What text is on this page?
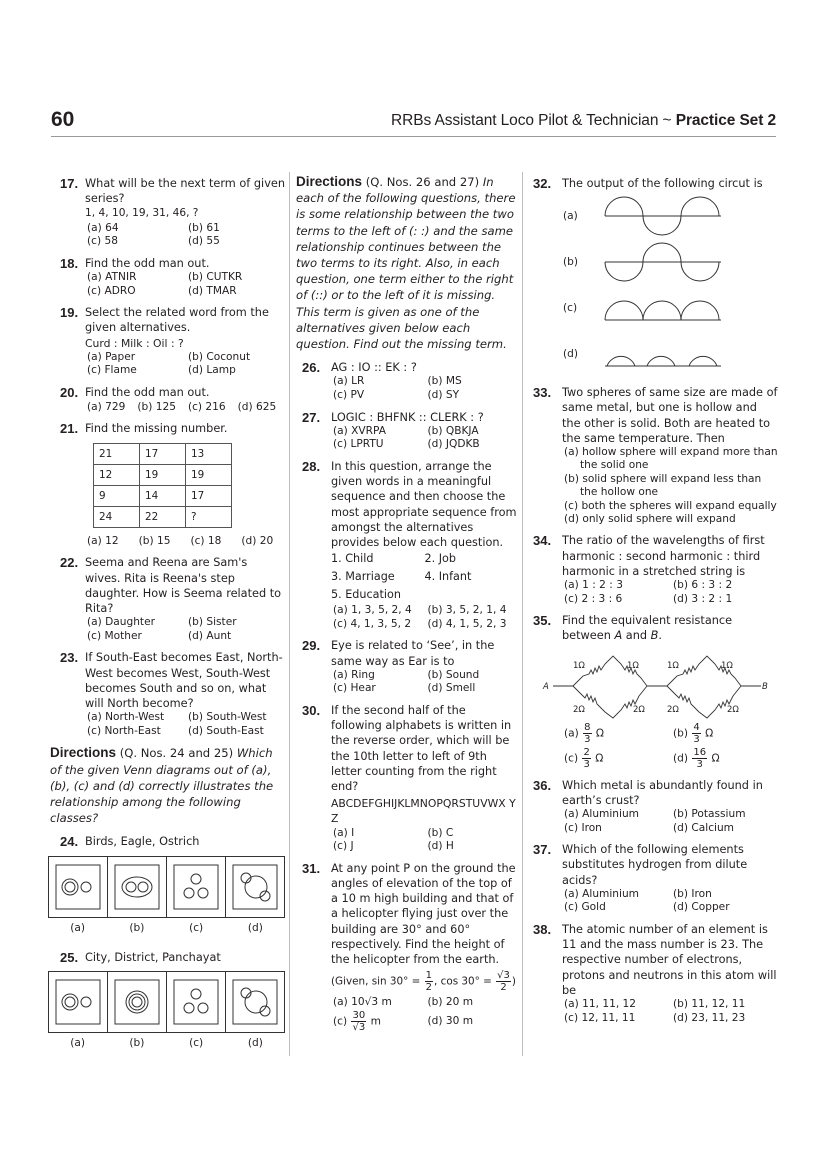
60	RRBs Assistant Loco Pilot & Technician ~ Practice Set 2
17. What will be the next term of given series?
1, 4, 10, 19, 31, 46, ?
(a) 64	(b) 61
(c) 58	(d) 55
18. Find the odd man out.
(a) ATNIR	(b) CUTKR
(c) ADRO	(d) TMAR
19. Select the related word from the given alternatives.
Curd : Milk : Oil : ?
(a) Paper	(b) Coconut
(c) Flame	(d) Lamp
20. Find the odd man out.
(a) 729 (b) 125 (c) 216 (d) 625
21. Find the missing number.
21	17	13
12	19	19
9	14	17
24	22	?
(a) 12 (b) 15 (c) 18 (d) 20
22. Seema and Reena are Sam's wives. Rita is Reena's step daughter. How is Seema related to Rita?
(a) Daughter	(b) Sister
(c) Mother	(d) Aunt
23. If South-East becomes East, North-West becomes West, South-West becomes South and so on, what will North become?
(a) North-West	(b) South-West
(c) North-East	(d) South-East
Directions (Q. Nos. 24 and 25) Which of the given Venn diagrams out of (a), (b), (c) and (d) correctly illustrates the relationship among the following classes?
24. Birds, Eagle, Ostrich
(a)	(b)	(c)	(d)
25. City, District, Panchayat
(a)	(b)	(c)	(d)
Directions (Q. Nos. 26 and 27) In each of the following questions, there is some relationship between the two terms to the left of (: :) and the same relationship continues between the two terms to its right. Also, in each question, one term either to the right of (::) or to the left of it is missing. This term is given as one of the alternatives given below each question. Find out the missing term.
26. AG : IO :: EK : ?
(a) LR	(b) MS
(c) PV	(d) SY
27. LOGIC : BHFNK :: CLERK : ?
(a) XVRPA	(b) QBKJA
(c) LPRTU	(d) JQDKB
28. In this question, arrange the given words in a meaningful sequence and then choose the most appropriate sequence from amongst the alternatives provides below each question.
1. Child	2. Job
3. Marriage	4. Infant
5. Education
(a) 1, 3, 5, 2, 4	(b) 3, 5, 2, 1, 4
(c) 4, 1, 3, 5, 2	(d) 4, 1, 5, 2, 3
29. Eye is related to ‘See’, in the same way as Ear is to
(a) Ring	(b) Sound
(c) Hear	(d) Smell
30. If the second half of the following alphabets is written in the reverse order, which will be the 10th letter to left of 9th letter counting from the right end?
ABCDEFGHIJKLMNOPQRSTUVWX YZ
(a) I	(b) C
(c) J	(d) H
31. At any point P on the ground the angles of elevation of the top of a 10 m high building and that of a helicopter flying just over the building are 30° and 60° respectively. Find the height of the helicopter from the earth.
(Given, $\sin 30^\circ = \frac{1}{2}$ , $\cos 30^\circ = \frac{√3}{2}$ )
(a) 10√3 m	(b) 20 m
$(c) \frac{30}{√3}$ m	(d) 30 m
32. The output of the following circut is
(a)
(b)
(c)
(d)
33. Two spheres of same size are made of same metal, but one is hollow and the other is solid. Both are heated to the same temperature. Then
(a) hollow sphere will expand more than the solid one
(b) solid sphere will expand less than the hollow one
(c) both the spheres will expand equally
(d) only solid sphere will expand
34. The ratio of the wavelengths of first harmonic : second harmonic : third harmonic in a stretched string is
(a) 1 : 2 : 3	(b) 6 : 3 : 2
(c) 2 : 3 : 6	(d) 3 : 2 : 1
35. Find the equivalent resistance between A and B.
A	B
1Ω	1Ω
2Ω	2Ω
1Ω	1Ω
2Ω	2Ω
$(a) \frac{8}{3}$ Ω	$(b) \frac{4}{3}$ Ω
$(c) \frac{2}{3}$ Ω	$(d) \frac{16}{3}$ Ω
36. Which metal is abundantly found in earth’s crust?
(a) Aluminium	(b) Potassium
(c) Iron	(d) Calcium
37. Which of the following elements substitutes hydrogen from dilute acids?
(a) Aluminium	(b) Iron
(c) Gold	(d) Copper
38. The atomic number of an element is 11 and the mass number is 23. The respective number of electrons, protons and neutrons in this atom will be
(a) 11, 11, 12	(b) 11, 12, 11
(c) 12, 11, 11	(d) 23, 11, 23
